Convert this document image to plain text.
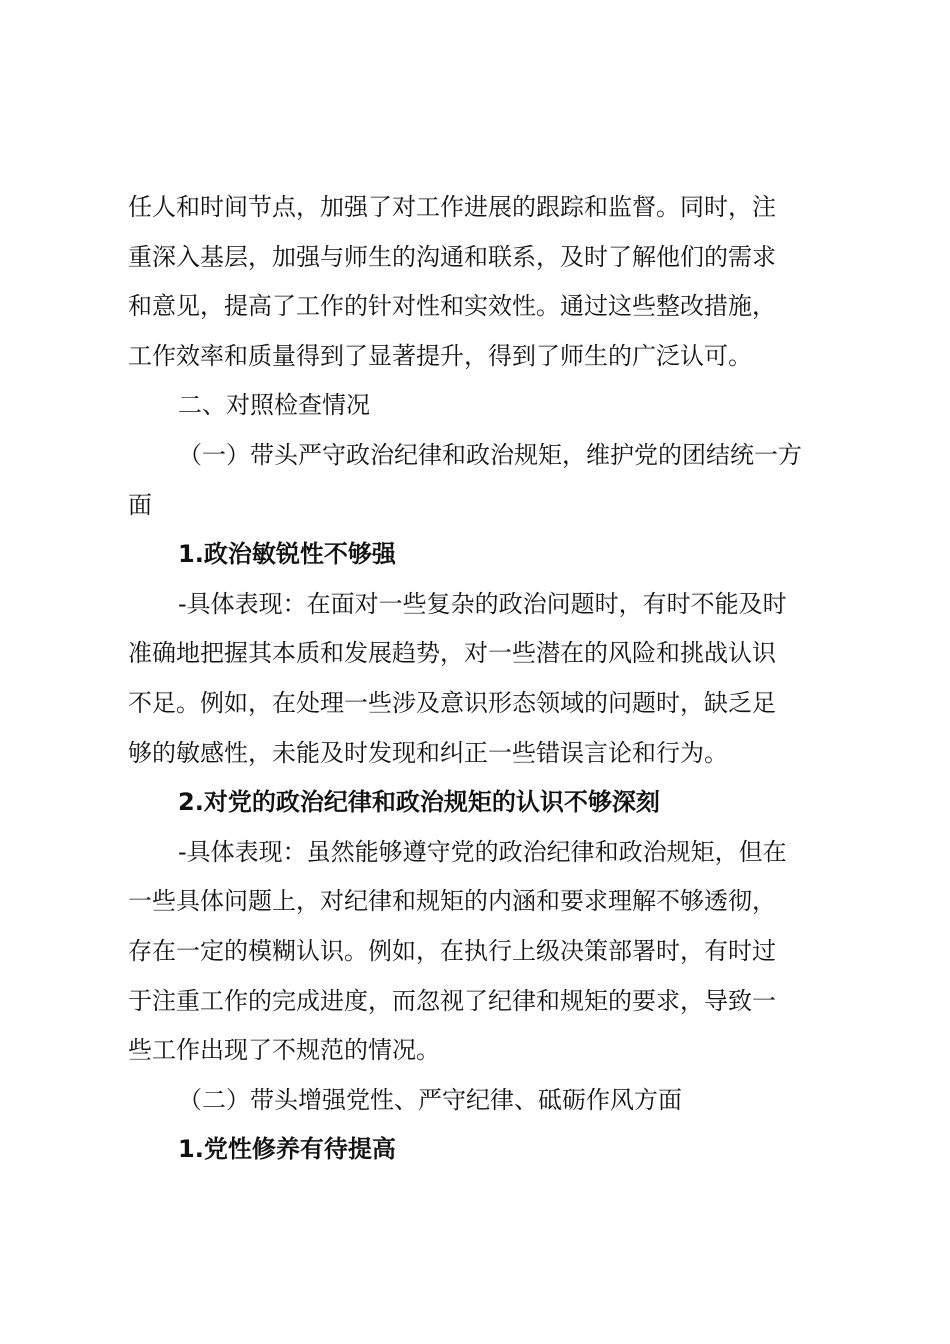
任人和时间节点，加强了对工作进展的跟踪和监督。同时，注
重深入基层，加强与师生的沟通和联系，及时了解他们的需求
和意见，提高了工作的针对性和实效性。通过这些整改措施，
工作效率和质量得到了显著提升，得到了师生的广泛认可。
二、对照检查情况
（一）带头严守政治纪律和政治规矩，维护党的团结统一方
面
1.政治敏锐性不够强
-具体表现：在面对一些复杂的政治问题时，有时不能及时
准确地把握其本质和发展趋势，对一些潜在的风险和挑战认识
不足。例如，在处理一些涉及意识形态领域的问题时，缺乏足
够的敏感性，未能及时发现和纠正一些错误言论和行为。
2.对党的政治纪律和政治规矩的认识不够深刻
-具体表现：虽然能够遵守党的政治纪律和政治规矩，但在
一些具体问题上，对纪律和规矩的内涵和要求理解不够透彻，
存在一定的模糊认识。例如，在执行上级决策部署时，有时过
于注重工作的完成进度，而忽视了纪律和规矩的要求，导致一
些工作出现了不规范的情况。
（二）带头增强党性、严守纪律、砥砺作风方面
1.党性修养有待提高
